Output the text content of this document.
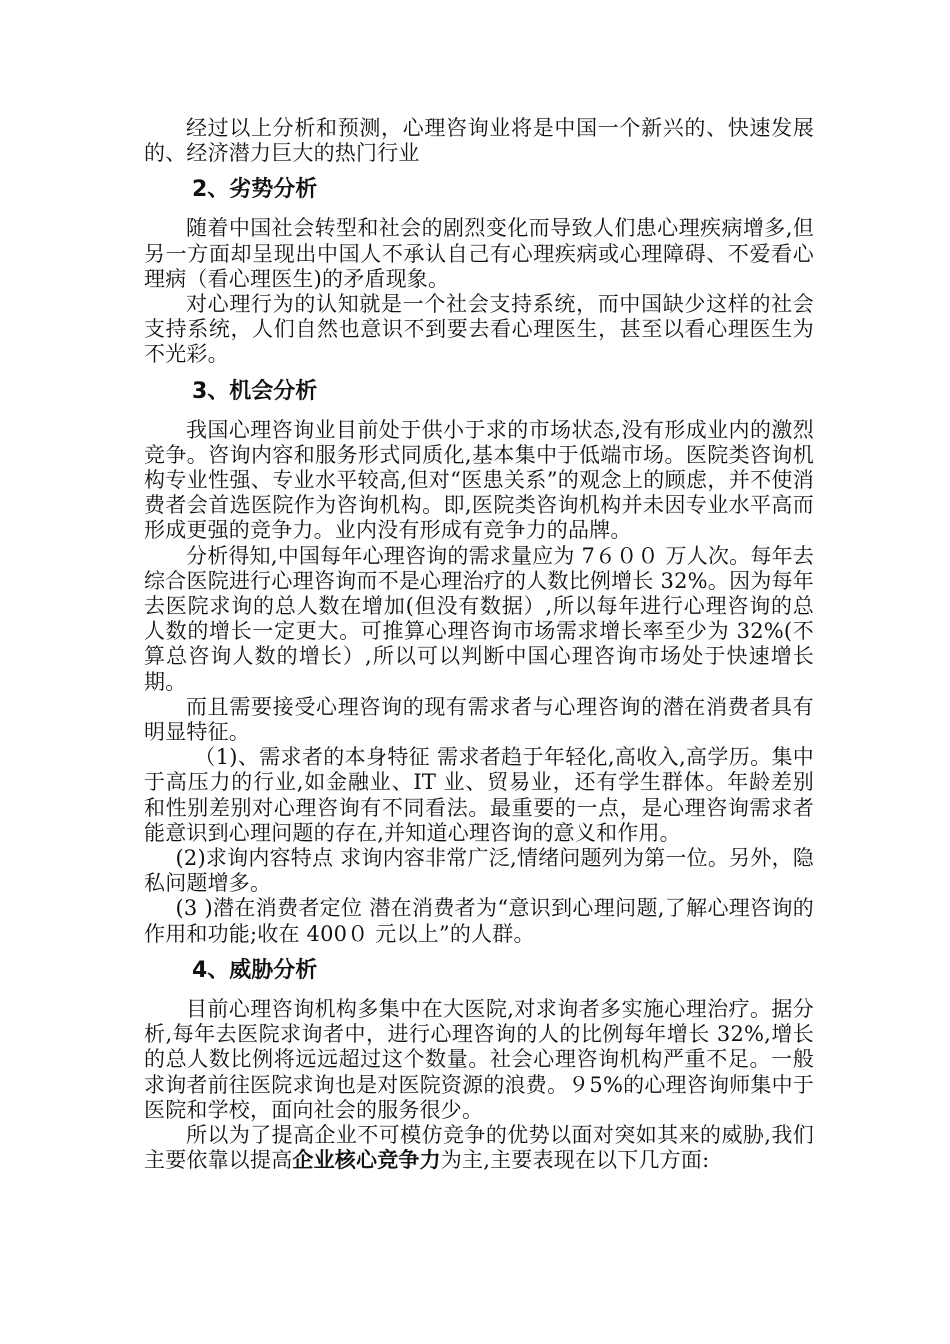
经过以上分析和预测，心理咨询业将是中国一个新兴的、快速发展的、经济潜力巨大的热门行业

2、劣势分析

随着中国社会转型和社会的剧烈变化而导致人们患心理疾病增多,但另一方面却呈现出中国人不承认自己有心理疾病或心理障碍、不爱看心理病（看心理医生)的矛盾现象。

对心理行为的认知就是一个社会支持系统，而中国缺少这样的社会支持系统，人们自然也意识不到要去看心理医生，甚至以看心理医生为不光彩。

3、机会分析

我国心理咨询业目前处于供小于求的市场状态,没有形成业内的激烈竞争。咨询内容和服务形式同质化,基本集中于低端市场。医院类咨询机构专业性强、专业水平较高,但对“医患关系”的观念上的顾虑，并不使消费者会首选医院作为咨询机构。即,医院类咨询机构并未因专业水平高而形成更强的竞争力。业内没有形成有竞争力的品牌。

分析得知,中国每年心理咨询的需求量应为 7６００ 万人次。每年去综合医院进行心理咨询而不是心理治疗的人数比例增长 32%。因为每年去医院求询的总人数在增加(但没有数据）,所以每年进行心理咨询的总人数的增长一定更大。可推算心理咨询市场需求增长率至少为 32%(不算总咨询人数的增长）,所以可以判断中国心理咨询市场处于快速增长期。

而且需要接受心理咨询的现有需求者与心理咨询的潜在消费者具有明显特征。

（1)、需求者的本身特征 需求者趋于年轻化,高收入,高学历。集中于高压力的行业,如金融业、IT 业、贸易业，还有学生群体。年龄差别和性别差别对心理咨询有不同看法。最重要的一点，是心理咨询需求者能意识到心理问题的存在,并知道心理咨询的意义和作用。

(2)求询内容特点 求询内容非常广泛,情绪问题列为第一位。另外，隐私问题增多。

(3 )潜在消费者定位 潜在消费者为“意识到心理问题,了解心理咨询的作用和功能;收在 400０ 元以上”的人群。

4、威胁分析

目前心理咨询机构多集中在大医院,对求询者多实施心理治疗。据分析,每年去医院求询者中，进行心理咨询的人的比例每年增长 32%,增长的总人数比例将远远超过这个数量。社会心理咨询机构严重不足。一般求询者前往医院求询也是对医院资源的浪费。９5%的心理咨询师集中于医院和学校，面向社会的服务很少。

所以为了提高企业不可模仿竞争的优势以面对突如其来的威胁,我们主要依靠以提高企业核心竞争力为主,主要表现在以下几方面:
